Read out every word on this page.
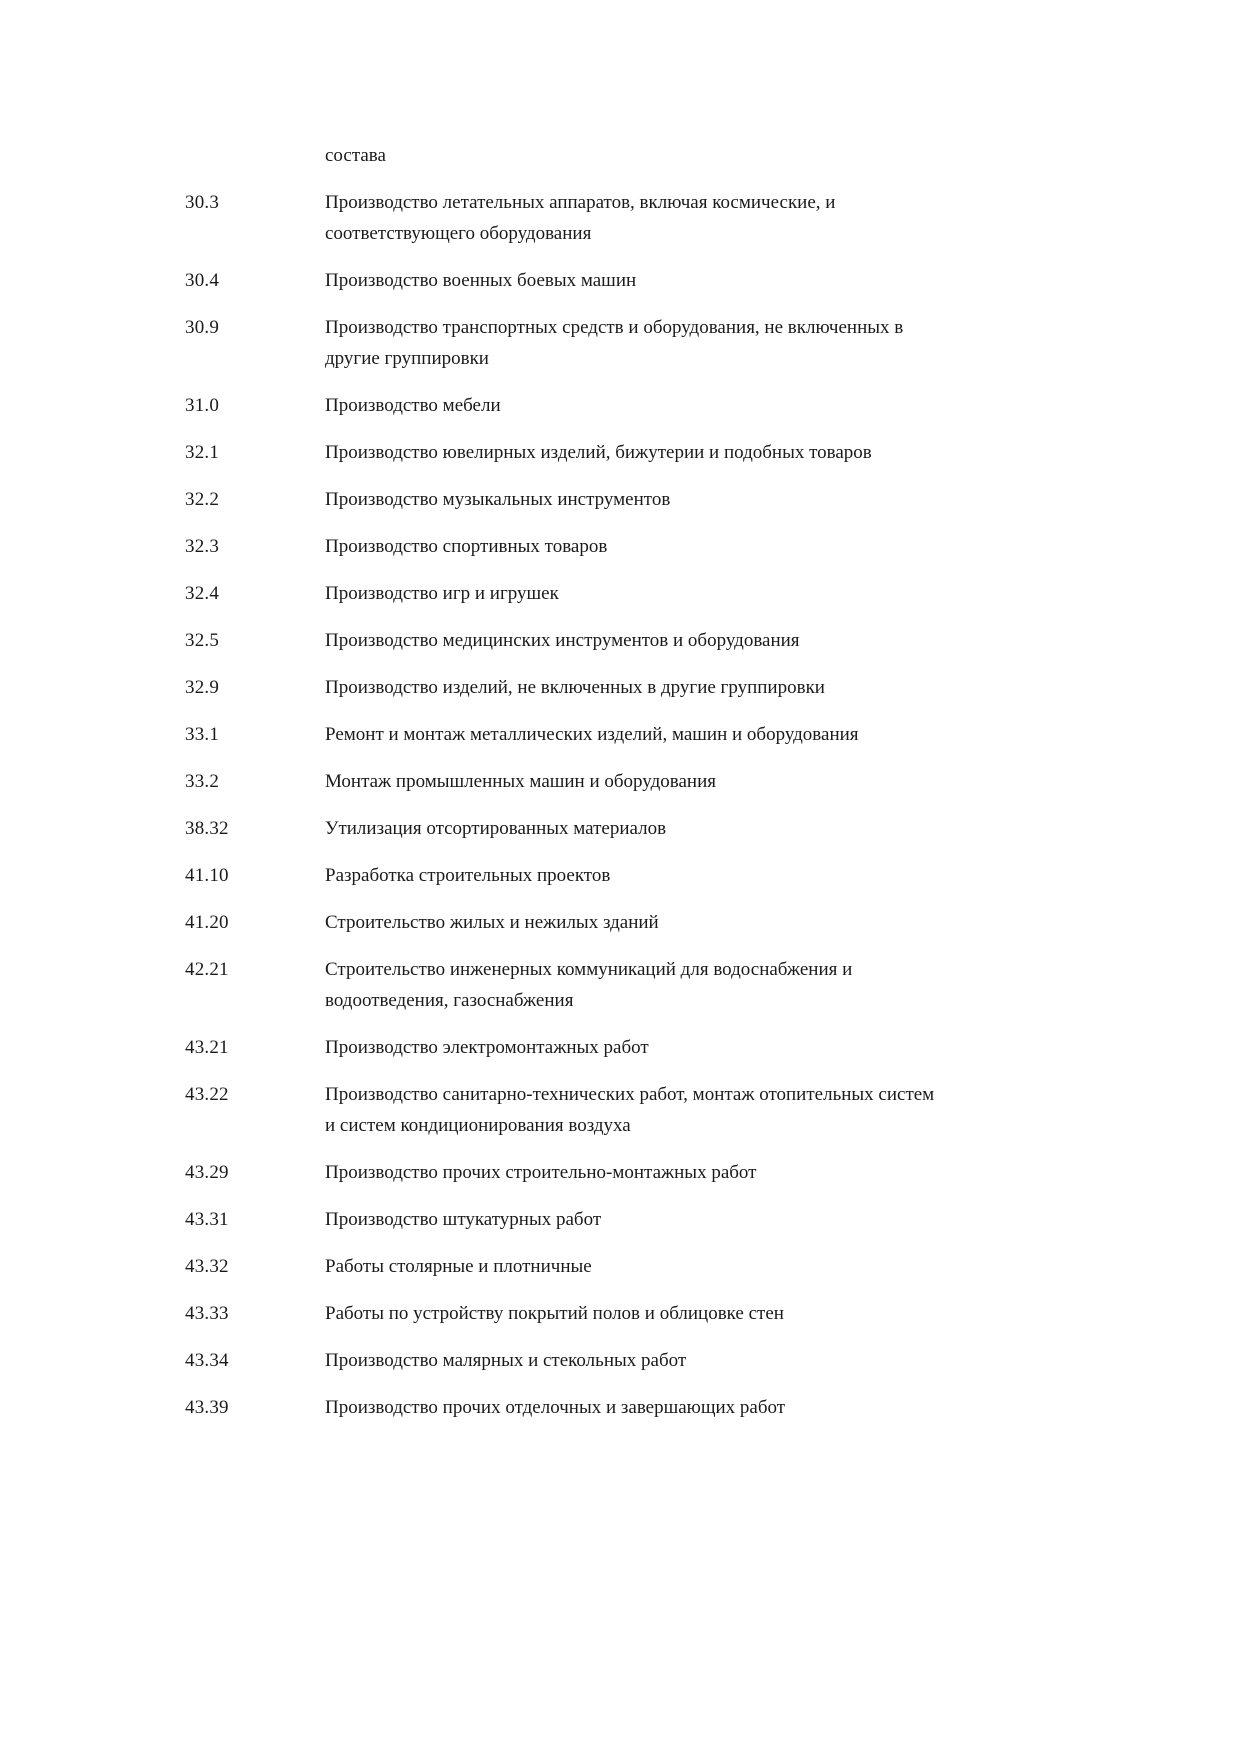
состава
30.3	Производство летательных аппаратов, включая космические, и соответствующего оборудования
30.4	Производство военных боевых машин
30.9	Производство транспортных средств и оборудования, не включенных в другие группировки
31.0	Производство мебели
32.1	Производство ювелирных изделий, бижутерии и подобных товаров
32.2	Производство музыкальных инструментов
32.3	Производство спортивных товаров
32.4	Производство игр и игрушек
32.5	Производство медицинских инструментов и оборудования
32.9	Производство изделий, не включенных в другие группировки
33.1	Ремонт и монтаж металлических изделий, машин и оборудования
33.2	Монтаж промышленных машин и оборудования
38.32	Утилизация отсортированных материалов
41.10	Разработка строительных проектов
41.20	Строительство жилых и нежилых зданий
42.21	Строительство инженерных коммуникаций для водоснабжения и водоотведения, газоснабжения
43.21	Производство электромонтажных работ
43.22	Производство санитарно-технических работ, монтаж отопительных систем и систем кондиционирования воздуха
43.29	Производство прочих строительно-монтажных работ
43.31	Производство штукатурных работ
43.32	Работы столярные и плотничные
43.33	Работы по устройству покрытий полов и облицовке стен
43.34	Производство малярных и стекольных работ
43.39	Производство прочих отделочных и завершающих работ
